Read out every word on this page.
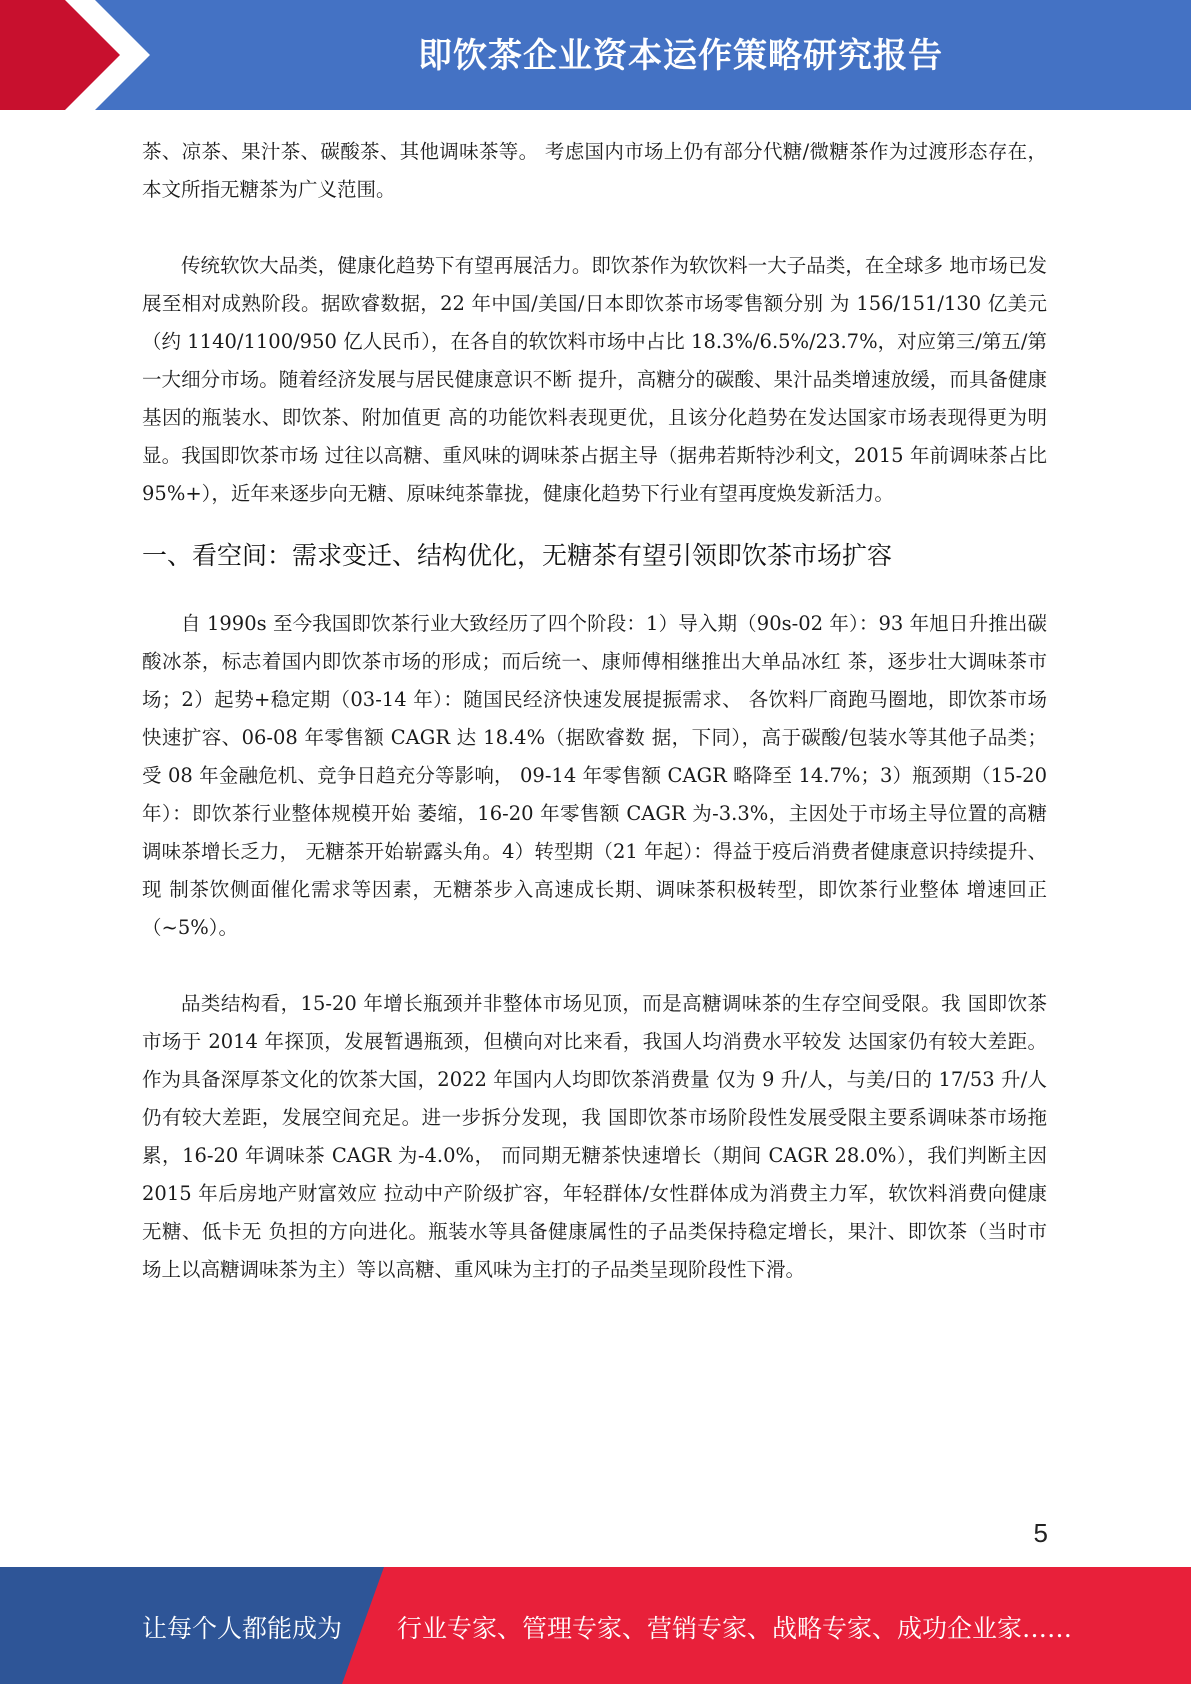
即饮茶企业资本运作策略研究报告

茶、凉茶、果汁茶、碳酸茶、其他调味茶等。 考虑国内市场上仍有部分代糖/微糖茶作为过渡形态存在，本文所指无糖茶为广义范围。

传统软饮大品类，健康化趋势下有望再展活力。即饮茶作为软饮料一大子品类，在全球多 地市场已发展至相对成熟阶段。据欧睿数据，22 年中国/美国/日本即饮茶市场零售额分别 为 156/151/130 亿美元（约 1140/1100/950 亿人民币），在各自的软饮料市场中占比 18.3%/6.5%/23.7%，对应第三/第五/第一大细分市场。随着经济发展与居民健康意识不断 提升，高糖分的碳酸、果汁品类增速放缓，而具备健康基因的瓶装水、即饮茶、附加值更 高的功能饮料表现更优，且该分化趋势在发达国家市场表现得更为明显。我国即饮茶市场 过往以高糖、重风味的调味茶占据主导（据弗若斯特沙利文，2015 年前调味茶占比 95%+），近年来逐步向无糖、原味纯茶靠拢，健康化趋势下行业有望再度焕发新活力。

一、看空间：需求变迁、结构优化，无糖茶有望引领即饮茶市场扩容

自 1990s 至今我国即饮茶行业大致经历了四个阶段：1）导入期（90s-02 年）：93 年旭日升推出碳酸冰茶，标志着国内即饮茶市场的形成；而后统一、康师傅相继推出大单品冰红 茶，逐步壮大调味茶市场；2）起势+稳定期（03-14 年）：随国民经济快速发展提振需求、 各饮料厂商跑马圈地，即饮茶市场快速扩容、06-08 年零售额 CAGR 达 18.4%（据欧睿数 据，下同），高于碳酸/包装水等其他子品类；受 08 年金融危机、竞争日趋充分等影响， 09-14 年零售额 CAGR 略降至 14.7%；3）瓶颈期（15-20 年）：即饮茶行业整体规模开始 萎缩，16-20 年零售额 CAGR 为-3.3%，主因处于市场主导位置的高糖调味茶增长乏力， 无糖茶开始崭露头角。4）转型期（21 年起）：得益于疫后消费者健康意识持续提升、现 制茶饮侧面催化需求等因素，无糖茶步入高速成长期、调味茶积极转型，即饮茶行业整体 增速回正（~5%）。

品类结构看，15-20 年增长瓶颈并非整体市场见顶，而是高糖调味茶的生存空间受限。我 国即饮茶市场于 2014 年探顶，发展暂遇瓶颈，但横向对比来看，我国人均消费水平较发 达国家仍有较大差距。作为具备深厚茶文化的饮茶大国，2022 年国内人均即饮茶消费量 仅为 9 升/人，与美/日的 17/53 升/人仍有较大差距，发展空间充足。进一步拆分发现，我 国即饮茶市场阶段性发展受限主要系调味茶市场拖累，16-20 年调味茶 CAGR 为-4.0%， 而同期无糖茶快速增长（期间 CAGR 28.0%），我们判断主因 2015 年后房地产财富效应 拉动中产阶级扩容，年轻群体/女性群体成为消费主力军，软饮料消费向健康无糖、低卡无 负担的方向进化。瓶装水等具备健康属性的子品类保持稳定增长，果汁、即饮茶（当时市 场上以高糖调味茶为主）等以高糖、重风味为主打的子品类呈现阶段性下滑。

5
让每个人都能成为 行业专家、管理专家、营销专家、战略专家、成功企业家……
